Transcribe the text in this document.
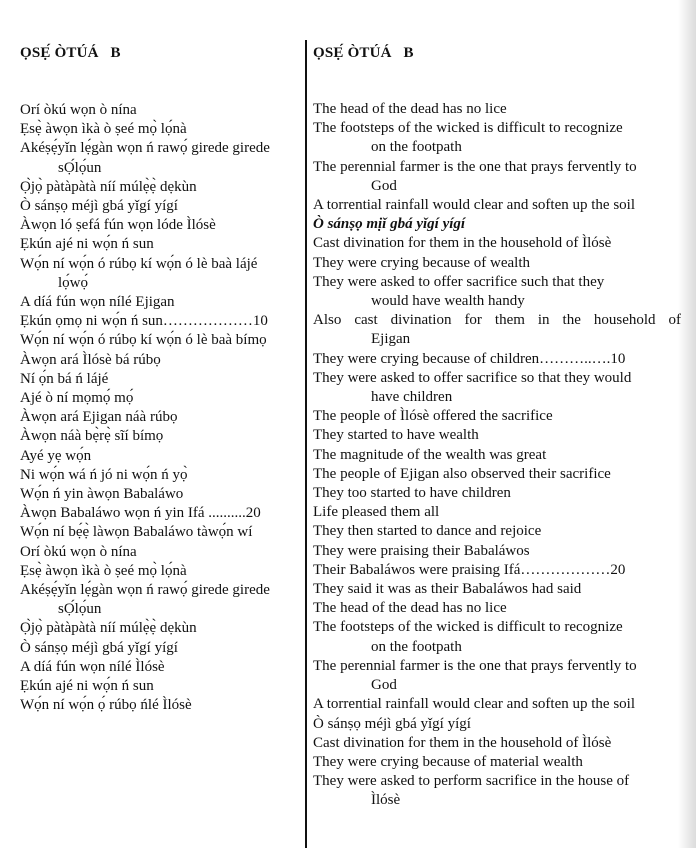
ỌSẸ́ ÒTÚÁ   B
Orí òkú wọn ò nína
Ẹsẹ̀ àwọn ìkà ò ṣeé mọ̀ lọ́nà
Akéṣẹ́yǐn lẹ́gàn wọn ń rawọ́ girede girede
sỌ́lọ́un
Ọ̀jọ̀ pàtàpàtà níí múlẹ̀ẹ̀ dẹkùn
Ò sánṣọ méjì gbá yǐgí yígí
Àwọn ló ṣefá fún wọn lóde Ìlósè
Ẹkún ajé ni wọ́n ń sun
Wọ́n ní wọ́n ó rúbọ kí wọ́n ó lè baà lájé
lọ́wọ́
A díá fún wọn nílé Ejigan
Ẹkún ọmọ ni wọ́n ń sun………………10
Wọ́n ní wọ́n ó rúbọ kí wọ́n ó lè baà bímọ
Àwọn ará Ìlósè bá rúbọ
Ní ọ́n bá ń lájé
Ajé ò ní mọmọ́ mọ́
Àwọn ará Ejigan náà rúbọ
Àwọn náà bẹ̀rẹ̀ sĩí bímọ
Ayé yẹ wọ́n
Ni wọ́n wá ń jó ni wọ́n ń yọ̀
Wọ́n ń yin àwọn Babaláwo
Àwọn Babaláwo wọn ń yin Ifá ..........20
Wọ́n ní bẹ́ẹ̀ làwọn Babaláwo tàwọ́n wí
Orí òkú wọn ò nína
Ẹsẹ̀ àwọn ìkà ò ṣeé mọ̀ lọ́nà
Akéṣẹ́yǐn lẹ́gàn wọn ń rawọ́ girede girede
sỌ́lọ́un
Ọ̀jọ̀ pàtàpàtà níí múlẹ̀ẹ̀ dẹkùn
Ò sánṣọ méjì gbá yǐgí yígí
A díá fún wọn nílé Ìlósè
Ẹkún ajé ni wọ́n ń sun
Wọ́n ní wọ́n ọ́ rúbọ ńlé Ìlósè
ỌSẸ́ ÒTÚÁ   B
The head of the dead has no lice
The footsteps of the wicked is difficult to recognize
on the footpath
The perennial farmer is the one that prays fervently to
God
A torrential rainfall would clear and soften up the soil
Ò sánṣọ mịǐ gbá yǐgí yígí
Cast divination for them in the household of Ìlósè
They were crying because of wealth
They were asked to offer sacrifice such that they
would have wealth handy
Also cast divination for them in the household of
Ejigan
They were crying because of children………..….10
They were asked to offer sacrifice so that they would
have children
The people of Ìlósè offered the sacrifice
They started to have wealth
The magnitude of the wealth was great
The people of Ejigan also observed their sacrifice
They too started to have children
Life pleased them all
They then started to dance and rejoice
They were praising their Babaláwos
Their Babaláwos were praising Ifá………………20
They said it was as their Babaláwos had said
The head of the dead has no lice
The footsteps of the wicked is difficult to recognize
on the footpath
The perennial farmer is the one that prays fervently to
God
A torrential rainfall would clear and soften up the soil
Ò sánṣọ méjì gbá yǐgí yígí
Cast divination for them in the household of Ìlósè
They were crying because of material wealth
They were asked to perform sacrifice in the house of
Ìlósè
